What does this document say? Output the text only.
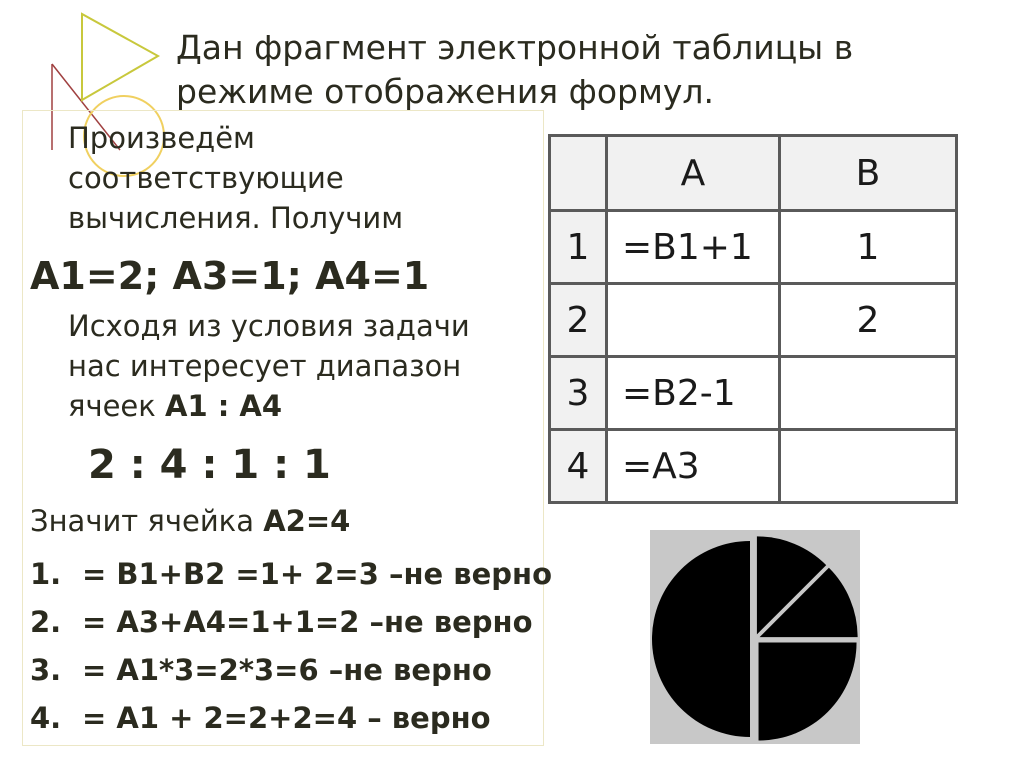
Дан фрагмент электронной таблицы в режиме отображения формул.
Произведём
соответствующие
вычисления. Получим
А1=2; А3=1; А4=1
Исходя из условия задачи
нас интересует диапазон
ячеек А1 : А4
2 : 4 : 1 : 1
Значит ячейка А2=4
1. = В1+В2 =1+ 2=3 –не верно
2. = А3+А4=1+1=2 –не верно
3. = А1*3=2*3=6 –не верно
4. = А1 + 2=2+2=4 – верно
	A	B
1	=B1+1	1
2		2
3	=B2-1	
4	=A3	
